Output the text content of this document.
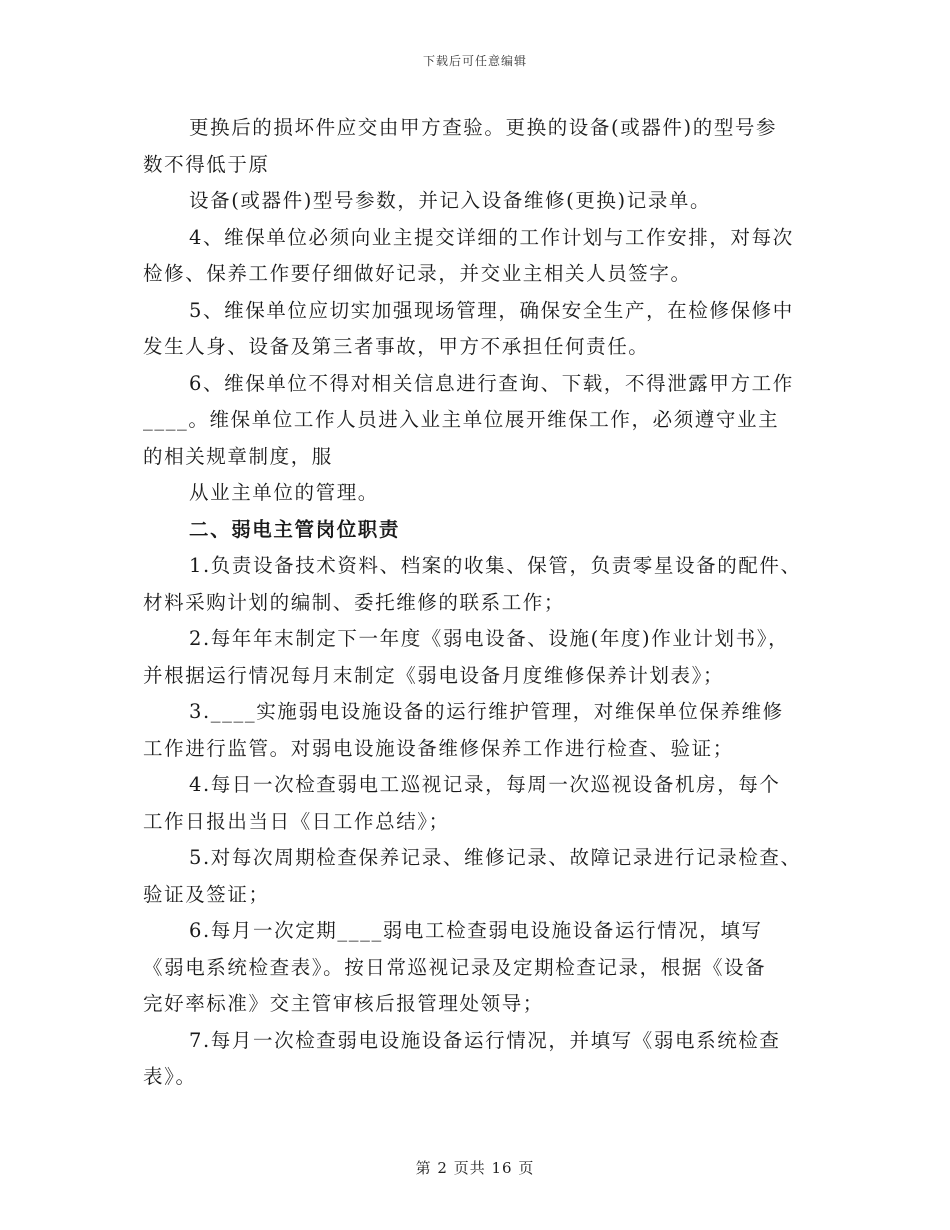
下载后可任意编辑
更换后的损坏件应交由甲方查验。更换的设备(或器件)的型号参
数不得低于原
设备(或器件)型号参数，并记入设备维修(更换)记录单。
4、维保单位必须向业主提交详细的工作计划与工作安排，对每次
检修、保养工作要仔细做好记录，并交业主相关人员签字。
5、维保单位应切实加强现场管理，确保安全生产，在检修保修中
发生人身、设备及第三者事故，甲方不承担任何责任。
6、维保单位不得对相关信息进行查询、下载，不得泄露甲方工作
____。维保单位工作人员进入业主单位展开维保工作，必须遵守业主
的相关规章制度，服
从业主单位的管理。
二、弱电主管岗位职责
1.负责设备技术资料、档案的收集、保管，负责零星设备的配件、
材料采购计划的编制、委托维修的联系工作；
2.每年年末制定下一年度《弱电设备、设施(年度)作业计划书》，
并根据运行情况每月末制定《弱电设备月度维修保养计划表》；
3.____实施弱电设施设备的运行维护管理，对维保单位保养维修
工作进行监管。对弱电设施设备维修保养工作进行检查、验证；
4.每日一次检查弱电工巡视记录，每周一次巡视设备机房，每个
工作日报出当日《日工作总结》；
5.对每次周期检查保养记录、维修记录、故障记录进行记录检查、
验证及签证；
6.每月一次定期____弱电工检查弱电设施设备运行情况，填写
《弱电系统检查表》。按日常巡视记录及定期检查记录，根据《设备
完好率标准》交主管审核后报管理处领导；
7.每月一次检查弱电设施设备运行情况，并填写《弱电系统检查
表》。
第 2 页共 16 页
